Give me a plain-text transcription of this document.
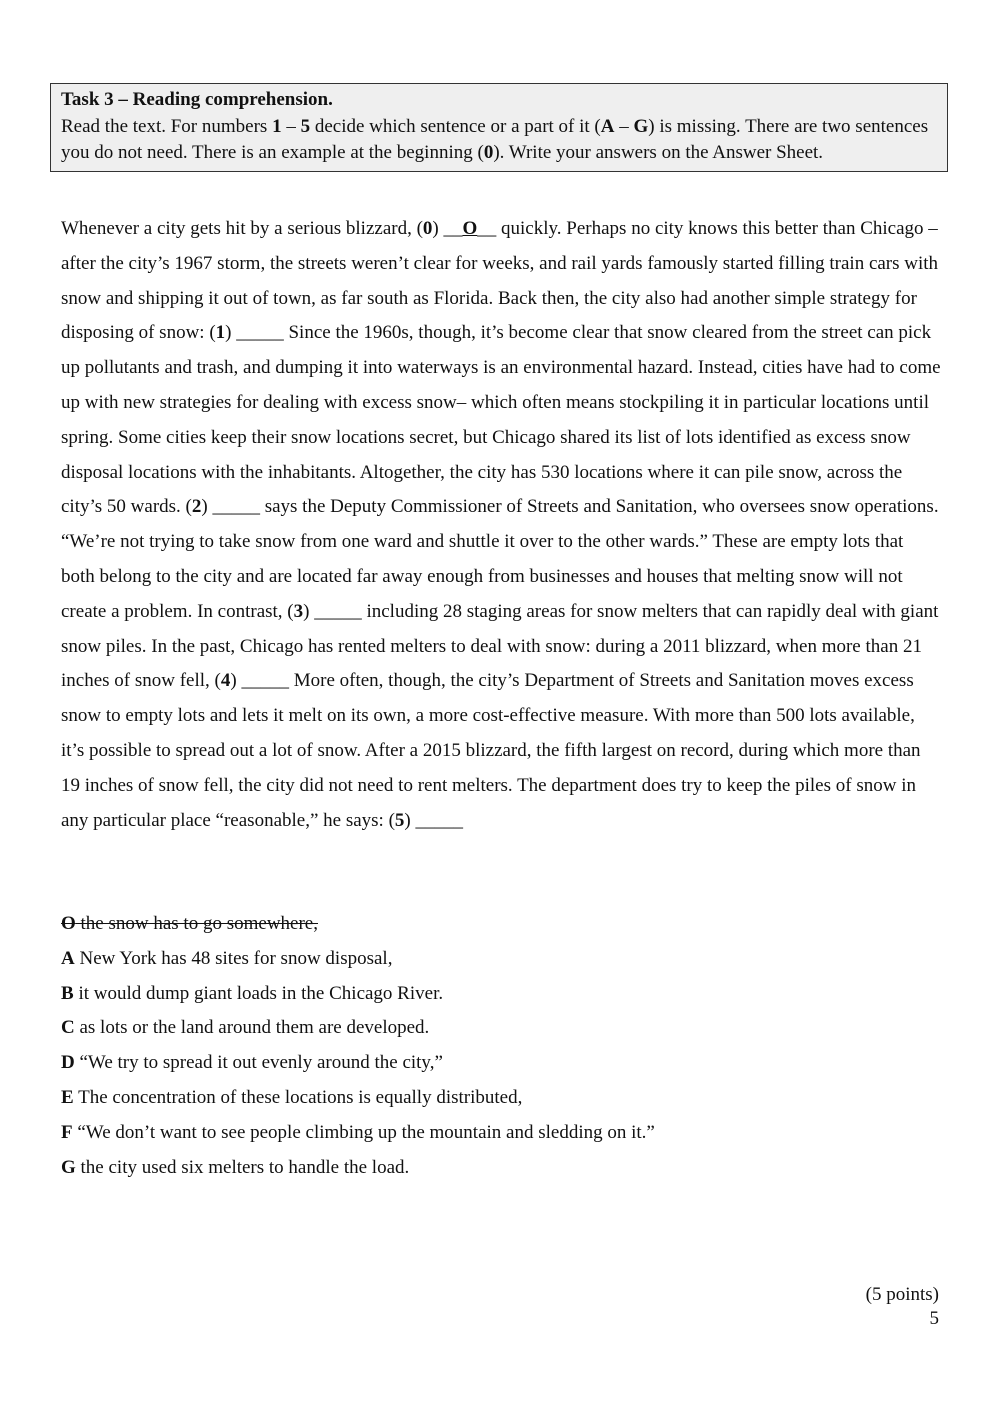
Task 3 – Reading comprehension.
Read the text. For numbers 1 – 5 decide which sentence or a part of it (A – G) is missing. There are two sentences you do not need. There is an example at the beginning (0). Write your answers on the Answer Sheet.
Whenever a city gets hit by a serious blizzard, (0) __O__ quickly. Perhaps no city knows this better than Chicago – after the city’s 1967 storm, the streets weren’t clear for weeks, and rail yards famously started filling train cars with snow and shipping it out of town, as far south as Florida. Back then, the city also had another simple strategy for disposing of snow: (1) _____ Since the 1960s, though, it’s become clear that snow cleared from the street can pick up pollutants and trash, and dumping it into waterways is an environmental hazard. Instead, cities have had to come up with new strategies for dealing with excess snow– which often means stockpiling it in particular locations until spring. Some cities keep their snow locations secret, but Chicago shared its list of lots identified as excess snow disposal locations with the inhabitants. Altogether, the city has 530 locations where it can pile snow, across the city’s 50 wards. (2) _____ says the Deputy Commissioner of Streets and Sanitation, who oversees snow operations. “We’re not trying to take snow from one ward and shuttle it over to the other wards.” These are empty lots that both belong to the city and are located far away enough from businesses and houses that melting snow will not create a problem. In contrast, (3) _____ including 28 staging areas for snow melters that can rapidly deal with giant snow piles. In the past, Chicago has rented melters to deal with snow: during a 2011 blizzard, when more than 21 inches of snow fell, (4) _____ More often, though, the city’s Department of Streets and Sanitation moves excess snow to empty lots and lets it melt on its own, a more cost-effective measure. With more than 500 lots available, it’s possible to spread out a lot of snow. After a 2015 blizzard, the fifth largest on record, during which more than 19 inches of snow fell, the city did not need to rent melters. The department does try to keep the piles of snow in any particular place “reasonable,” he says: (5) _____
O the snow has to go somewhere,
A New York has 48 sites for snow disposal,
B it would dump giant loads in the Chicago River.
C as lots or the land around them are developed.
D “We try to spread it out evenly around the city,”
E The concentration of these locations is equally distributed,
F “We don’t want to see people climbing up the mountain and sledding on it.”
G the city used six melters to handle the load.
(5 points)
5
